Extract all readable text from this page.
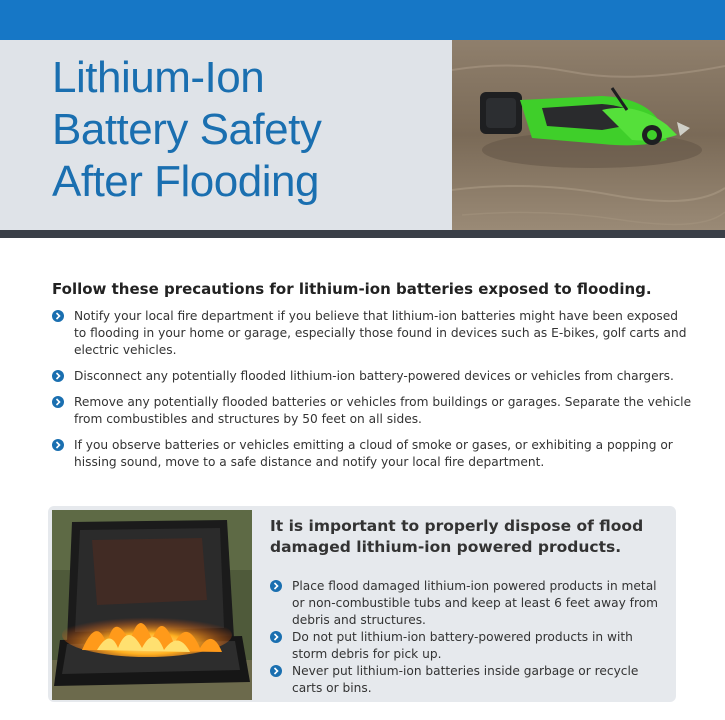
Lithium-Ion
Battery Safety
After Flooding
Follow these precautions for lithium-ion batteries exposed to flooding.
Notify your local fire department if you believe that lithium-ion batteries might have been exposed to flooding in your home or garage, especially those found in devices such as E-bikes, golf carts and electric vehicles.
Disconnect any potentially flooded lithium-ion battery-powered devices or vehicles from chargers.
Remove any potentially flooded batteries or vehicles from buildings or garages. Separate the vehicle from combustibles and structures by 50 feet on all sides.
If you observe batteries or vehicles emitting a cloud of smoke or gases, or exhibiting a popping or hissing sound, move to a safe distance and notify your local fire department.
It is important to properly dispose of flood damaged lithium-ion powered products.
Place flood damaged lithium-ion powered products in metal or non-combustible tubs and keep at least 6 feet away from debris and structures.
Do not put lithium-ion battery-powered products in with storm debris for pick up.
Never put lithium-ion batteries inside garbage or recycle carts or bins.
